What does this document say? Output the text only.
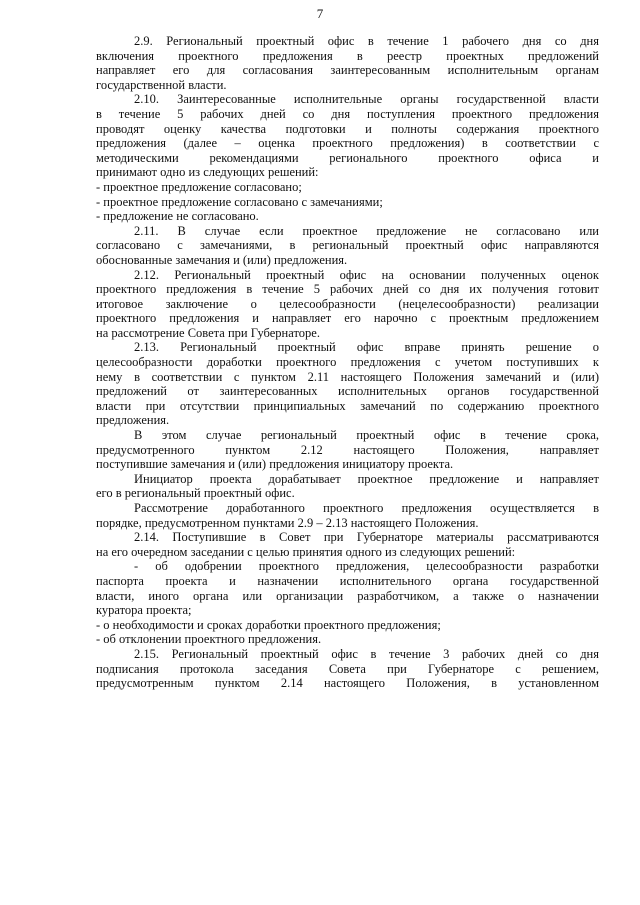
7
2.9. Региональный проектный офис в течение 1 рабочего дня со дня
включения проектного предложения в реестр проектных предложений
направляет его для согласования заинтересованным исполнительным органам
государственной власти.
2.10. Заинтересованные исполнительные органы государственной власти
в течение 5 рабочих дней со дня поступления проектного предложения
проводят оценку качества подготовки и полноты содержания проектного
предложения (далее – оценка проектного предложения) в соответствии с
методическими рекомендациями регионального проектного офиса и
принимают одно из следующих решений:
- проектное предложение согласовано;
- проектное предложение согласовано с замечаниями;
- предложение не согласовано.
2.11. В случае если проектное предложение не согласовано или
согласовано с замечаниями, в региональный проектный офис направляются
обоснованные замечания и (или) предложения.
2.12. Региональный проектный офис на основании полученных оценок
проектного предложения в течение 5 рабочих дней со дня их получения готовит
итоговое заключение о целесообразности (нецелесообразности) реализации
проектного предложения и направляет его нарочно с проектным предложением
на рассмотрение Совета при Губернаторе.
2.13. Региональный проектный офис вправе принять решение о
целесообразности доработки проектного предложения с учетом поступивших к
нему в соответствии с пунктом 2.11 настоящего Положения замечаний и (или)
предложений от заинтересованных исполнительных органов государственной
власти при отсутствии принципиальных замечаний по содержанию проектного
предложения.
В этом случае региональный проектный офис в течение срока,
предусмотренного пунктом 2.12 настоящего Положения, направляет
поступившие замечания и (или) предложения инициатору проекта.
Инициатор проекта дорабатывает проектное предложение и направляет
его в региональный проектный офис.
Рассмотрение доработанного проектного предложения осуществляется в
порядке, предусмотренном пунктами 2.9 – 2.13 настоящего Положения.
2.14. Поступившие в Совет при Губернаторе материалы рассматриваются
на его очередном заседании с целью принятия одного из следующих решений:
- об одобрении проектного предложения, целесообразности разработки
паспорта проекта и назначении исполнительного органа государственной
власти, иного органа или организации разработчиком, а также о назначении
куратора проекта;
- о необходимости и сроках доработки проектного предложения;
- об отклонении проектного предложения.
2.15. Региональный проектный офис в течение 3 рабочих дней со дня
подписания протокола заседания Совета при Губернаторе с решением,
предусмотренным пунктом 2.14 настоящего Положения, в установленном
